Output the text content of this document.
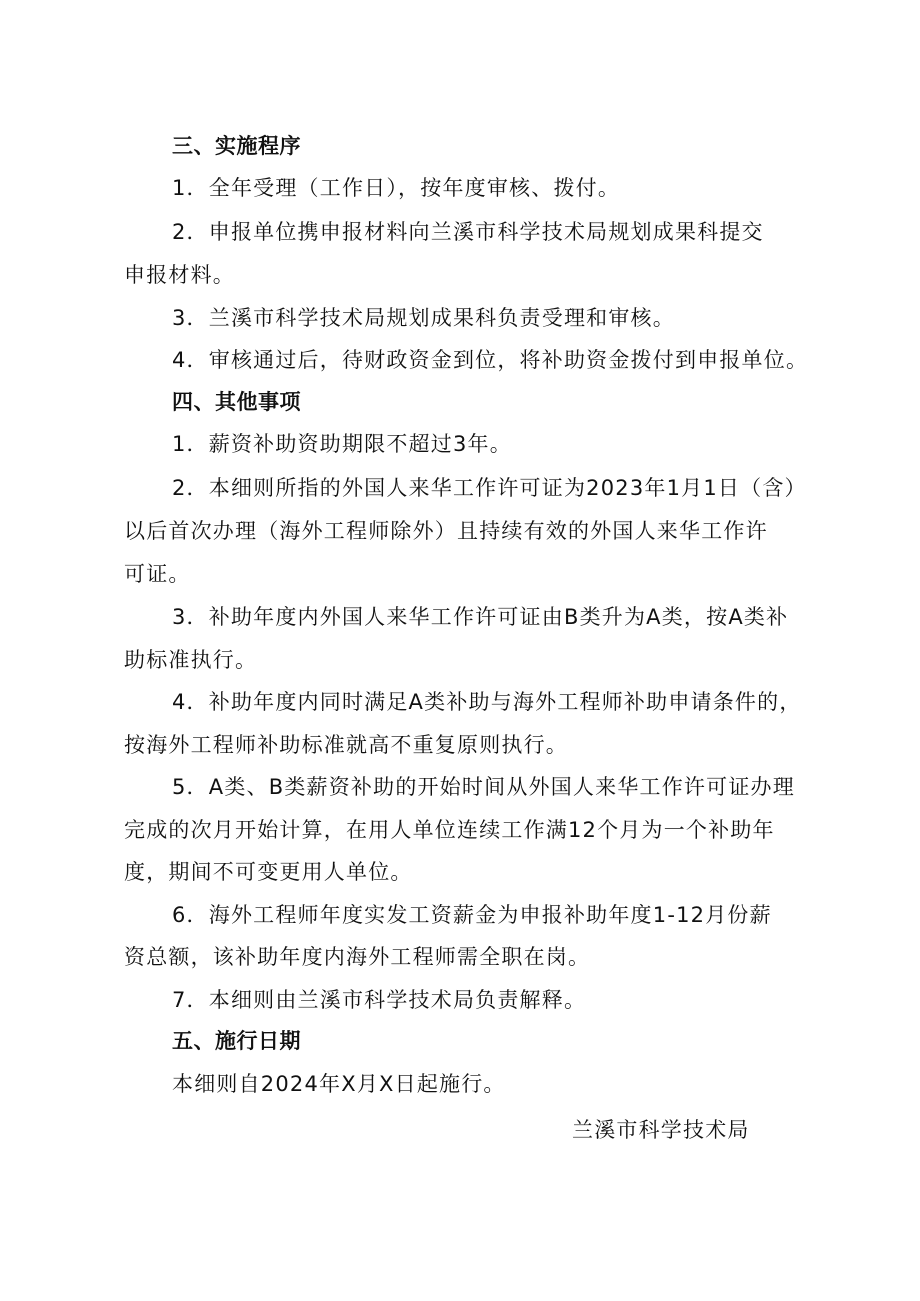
三、实施程序
1．全年受理（工作日），按年度审核、拨付。
2．申报单位携申报材料向兰溪市科学技术局规划成果科提交
申报材料。
3．兰溪市科学技术局规划成果科负责受理和审核。
4．审核通过后，待财政资金到位，将补助资金拨付到申报单位。
四、其他事项
1．薪资补助资助期限不超过3年。
2．本细则所指的外国人来华工作许可证为2023年1月1日（含）
以后首次办理（海外工程师除外）且持续有效的外国人来华工作许
可证。
3．补助年度内外国人来华工作许可证由B类升为A类，按A类补
助标准执行。
4．补助年度内同时满足A类补助与海外工程师补助申请条件的，
按海外工程师补助标准就高不重复原则执行。
5．A类、B类薪资补助的开始时间从外国人来华工作许可证办理
完成的次月开始计算，在用人单位连续工作满12个月为一个补助年
度，期间不可变更用人单位。
6．海外工程师年度实发工资薪金为申报补助年度1-12月份薪
资总额，该补助年度内海外工程师需全职在岗。
7．本细则由兰溪市科学技术局负责解释。
五、施行日期
本细则自2024年X月X日起施行。
兰溪市科学技术局
